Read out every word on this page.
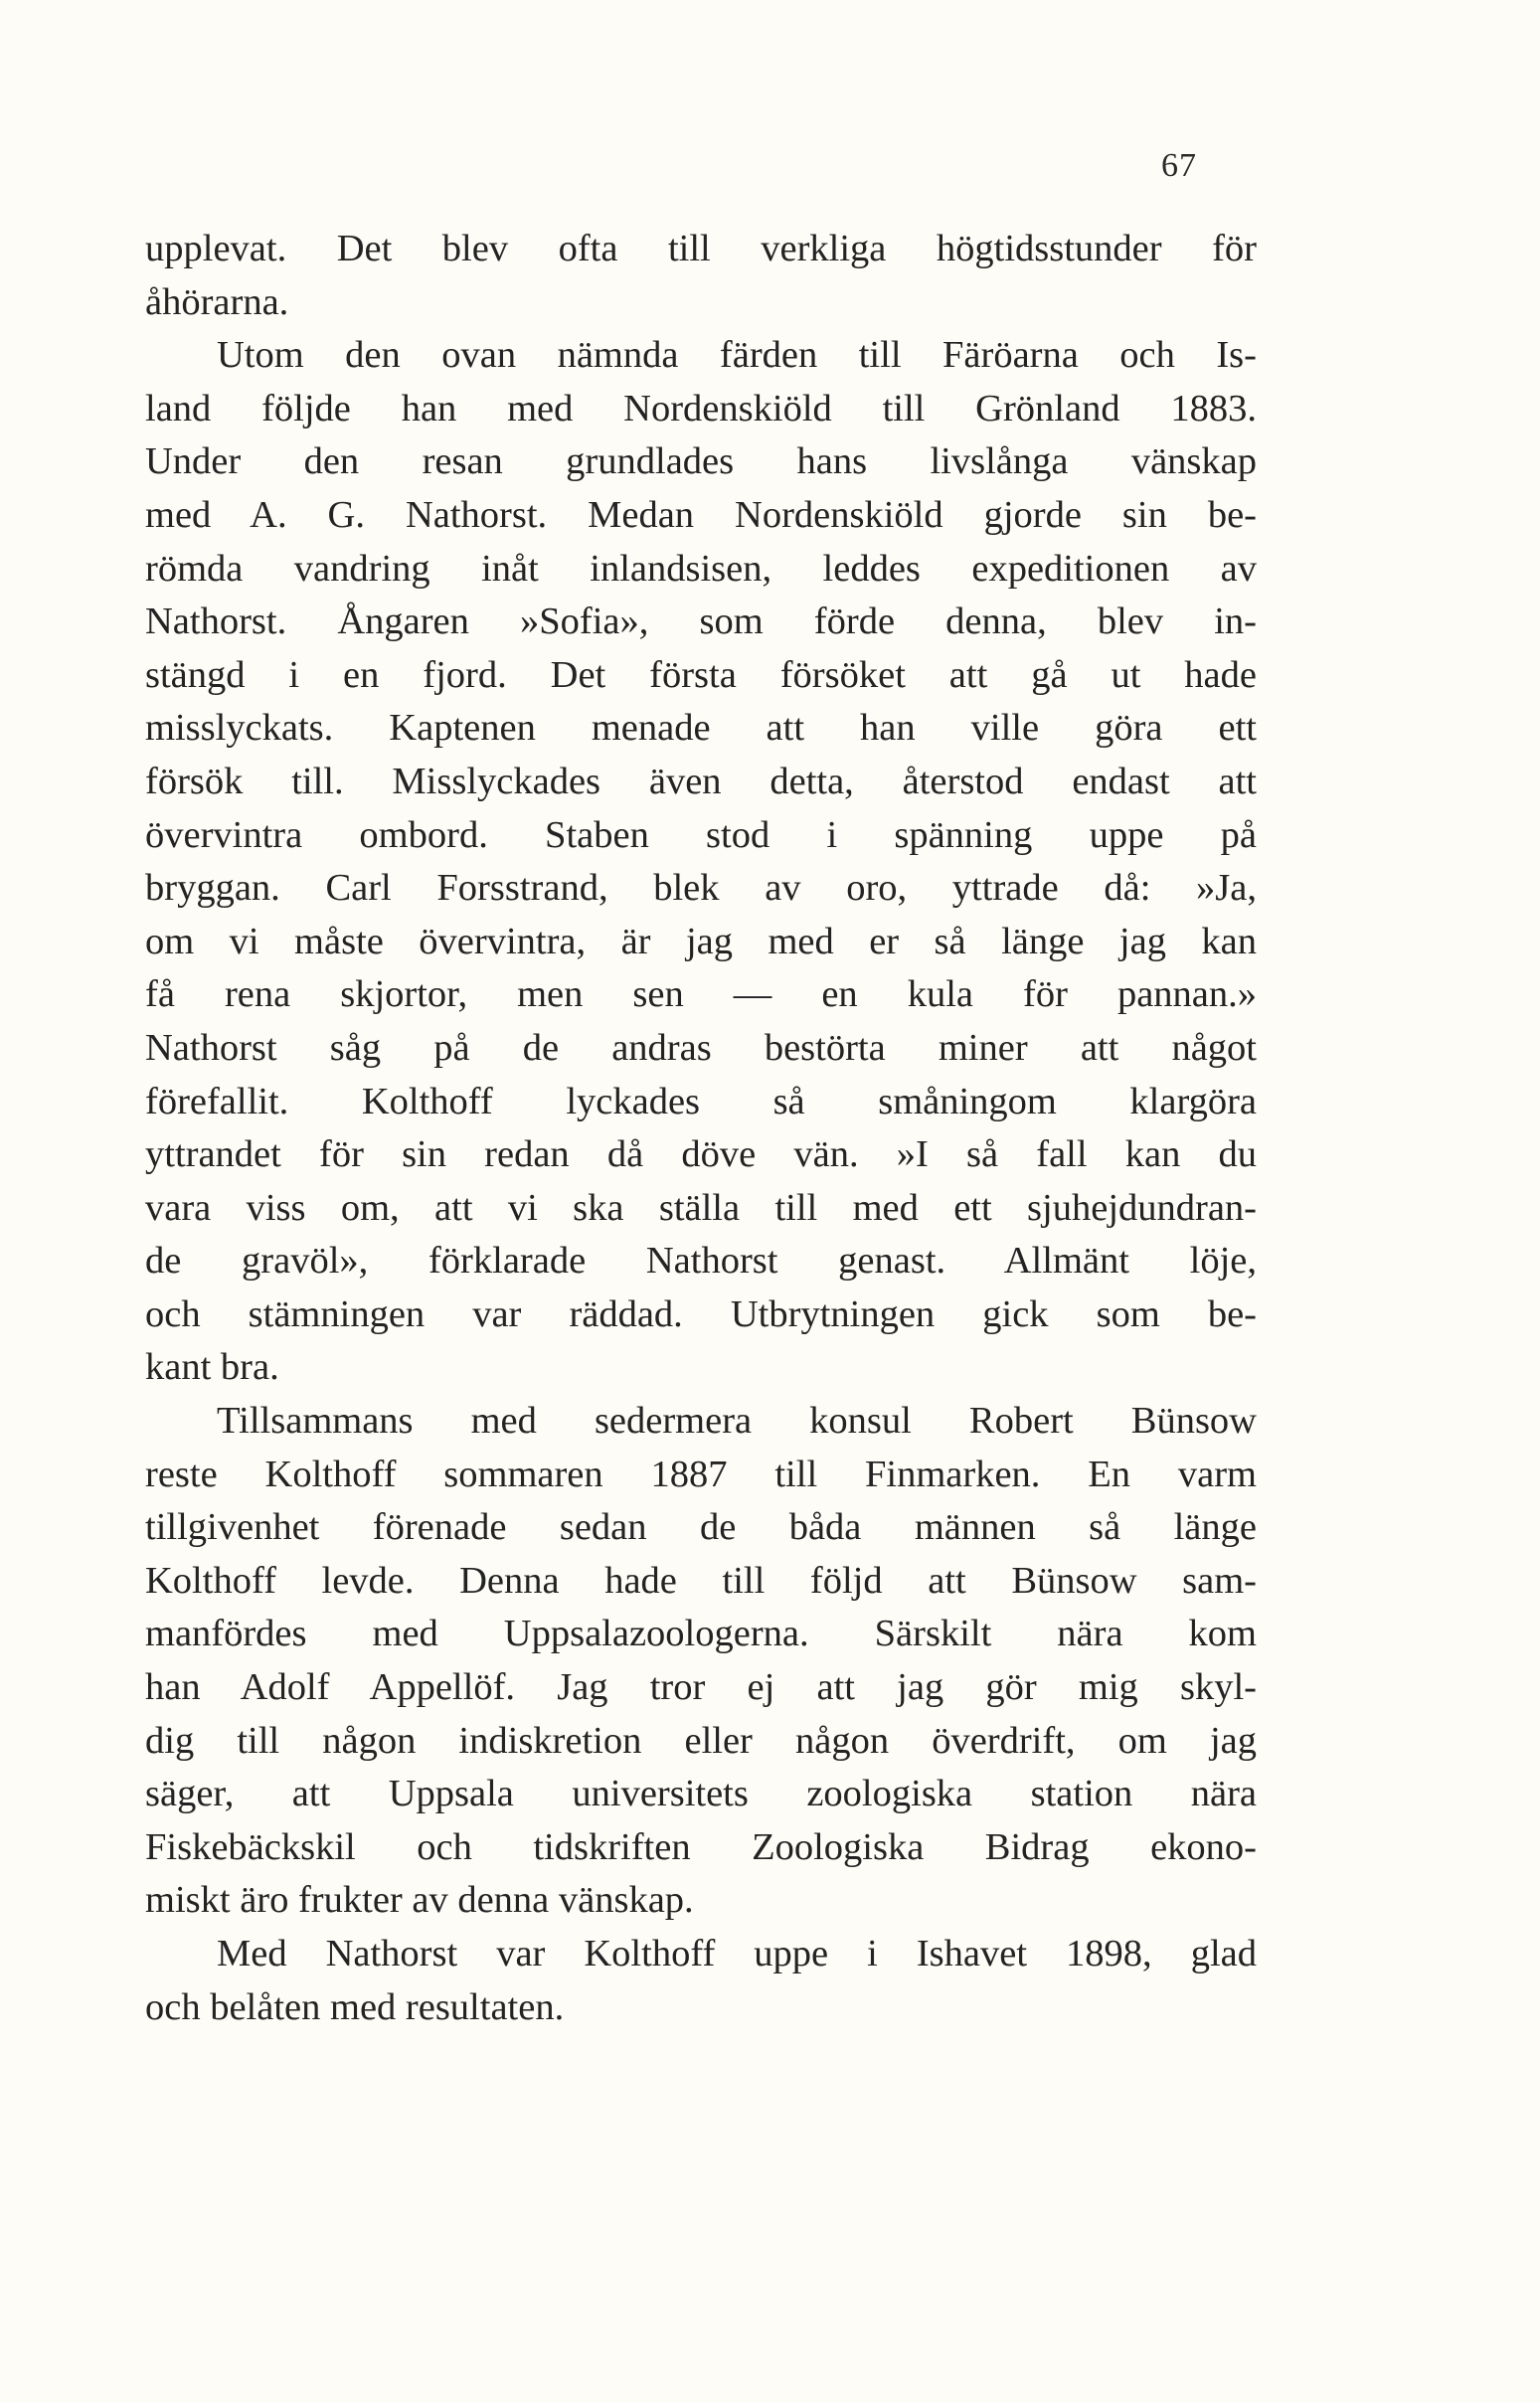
67
upplevat. Det blev ofta till verkliga högtidsstunder för
åhörarna.
Utom den ovan nämnda färden till Färöarna och Is-
land följde han med Nordenskiöld till Grönland 1883.
Under den resan grundlades hans livslånga vänskap
med A. G. Nathorst. Medan Nordenskiöld gjorde sin be-
römda vandring inåt inlandsisen, leddes expeditionen av
Nathorst. Ångaren »Sofia», som förde denna, blev in-
stängd i en fjord. Det första försöket att gå ut hade
misslyckats. Kaptenen menade att han ville göra ett
försök till. Misslyckades även detta, återstod endast att
övervintra ombord. Staben stod i spänning uppe på
bryggan. Carl Forsstrand, blek av oro, yttrade då: »Ja,
om vi måste övervintra, är jag med er så länge jag kan
få rena skjortor, men sen — en kula för pannan.»
Nathorst såg på de andras bestörta miner att något
förefallit. Kolthoff lyckades så småningom klargöra
yttrandet för sin redan då döve vän. »I så fall kan du
vara viss om, att vi ska ställa till med ett sjuhejdundran-
de gravöl», förklarade Nathorst genast. Allmänt löje,
och stämningen var räddad. Utbrytningen gick som be-
kant bra.
Tillsammans med sedermera konsul Robert Bünsow
reste Kolthoff sommaren 1887 till Finmarken. En varm
tillgivenhet förenade sedan de båda männen så länge
Kolthoff levde. Denna hade till följd att Bünsow sam-
manfördes med Uppsalazoologerna. Särskilt nära kom
han Adolf Appellöf. Jag tror ej att jag gör mig skyl-
dig till någon indiskretion eller någon överdrift, om jag
säger, att Uppsala universitets zoologiska station nära
Fiskebäckskil och tidskriften Zoologiska Bidrag ekono-
miskt äro frukter av denna vänskap.
Med Nathorst var Kolthoff uppe i Ishavet 1898, glad
och belåten med resultaten.
